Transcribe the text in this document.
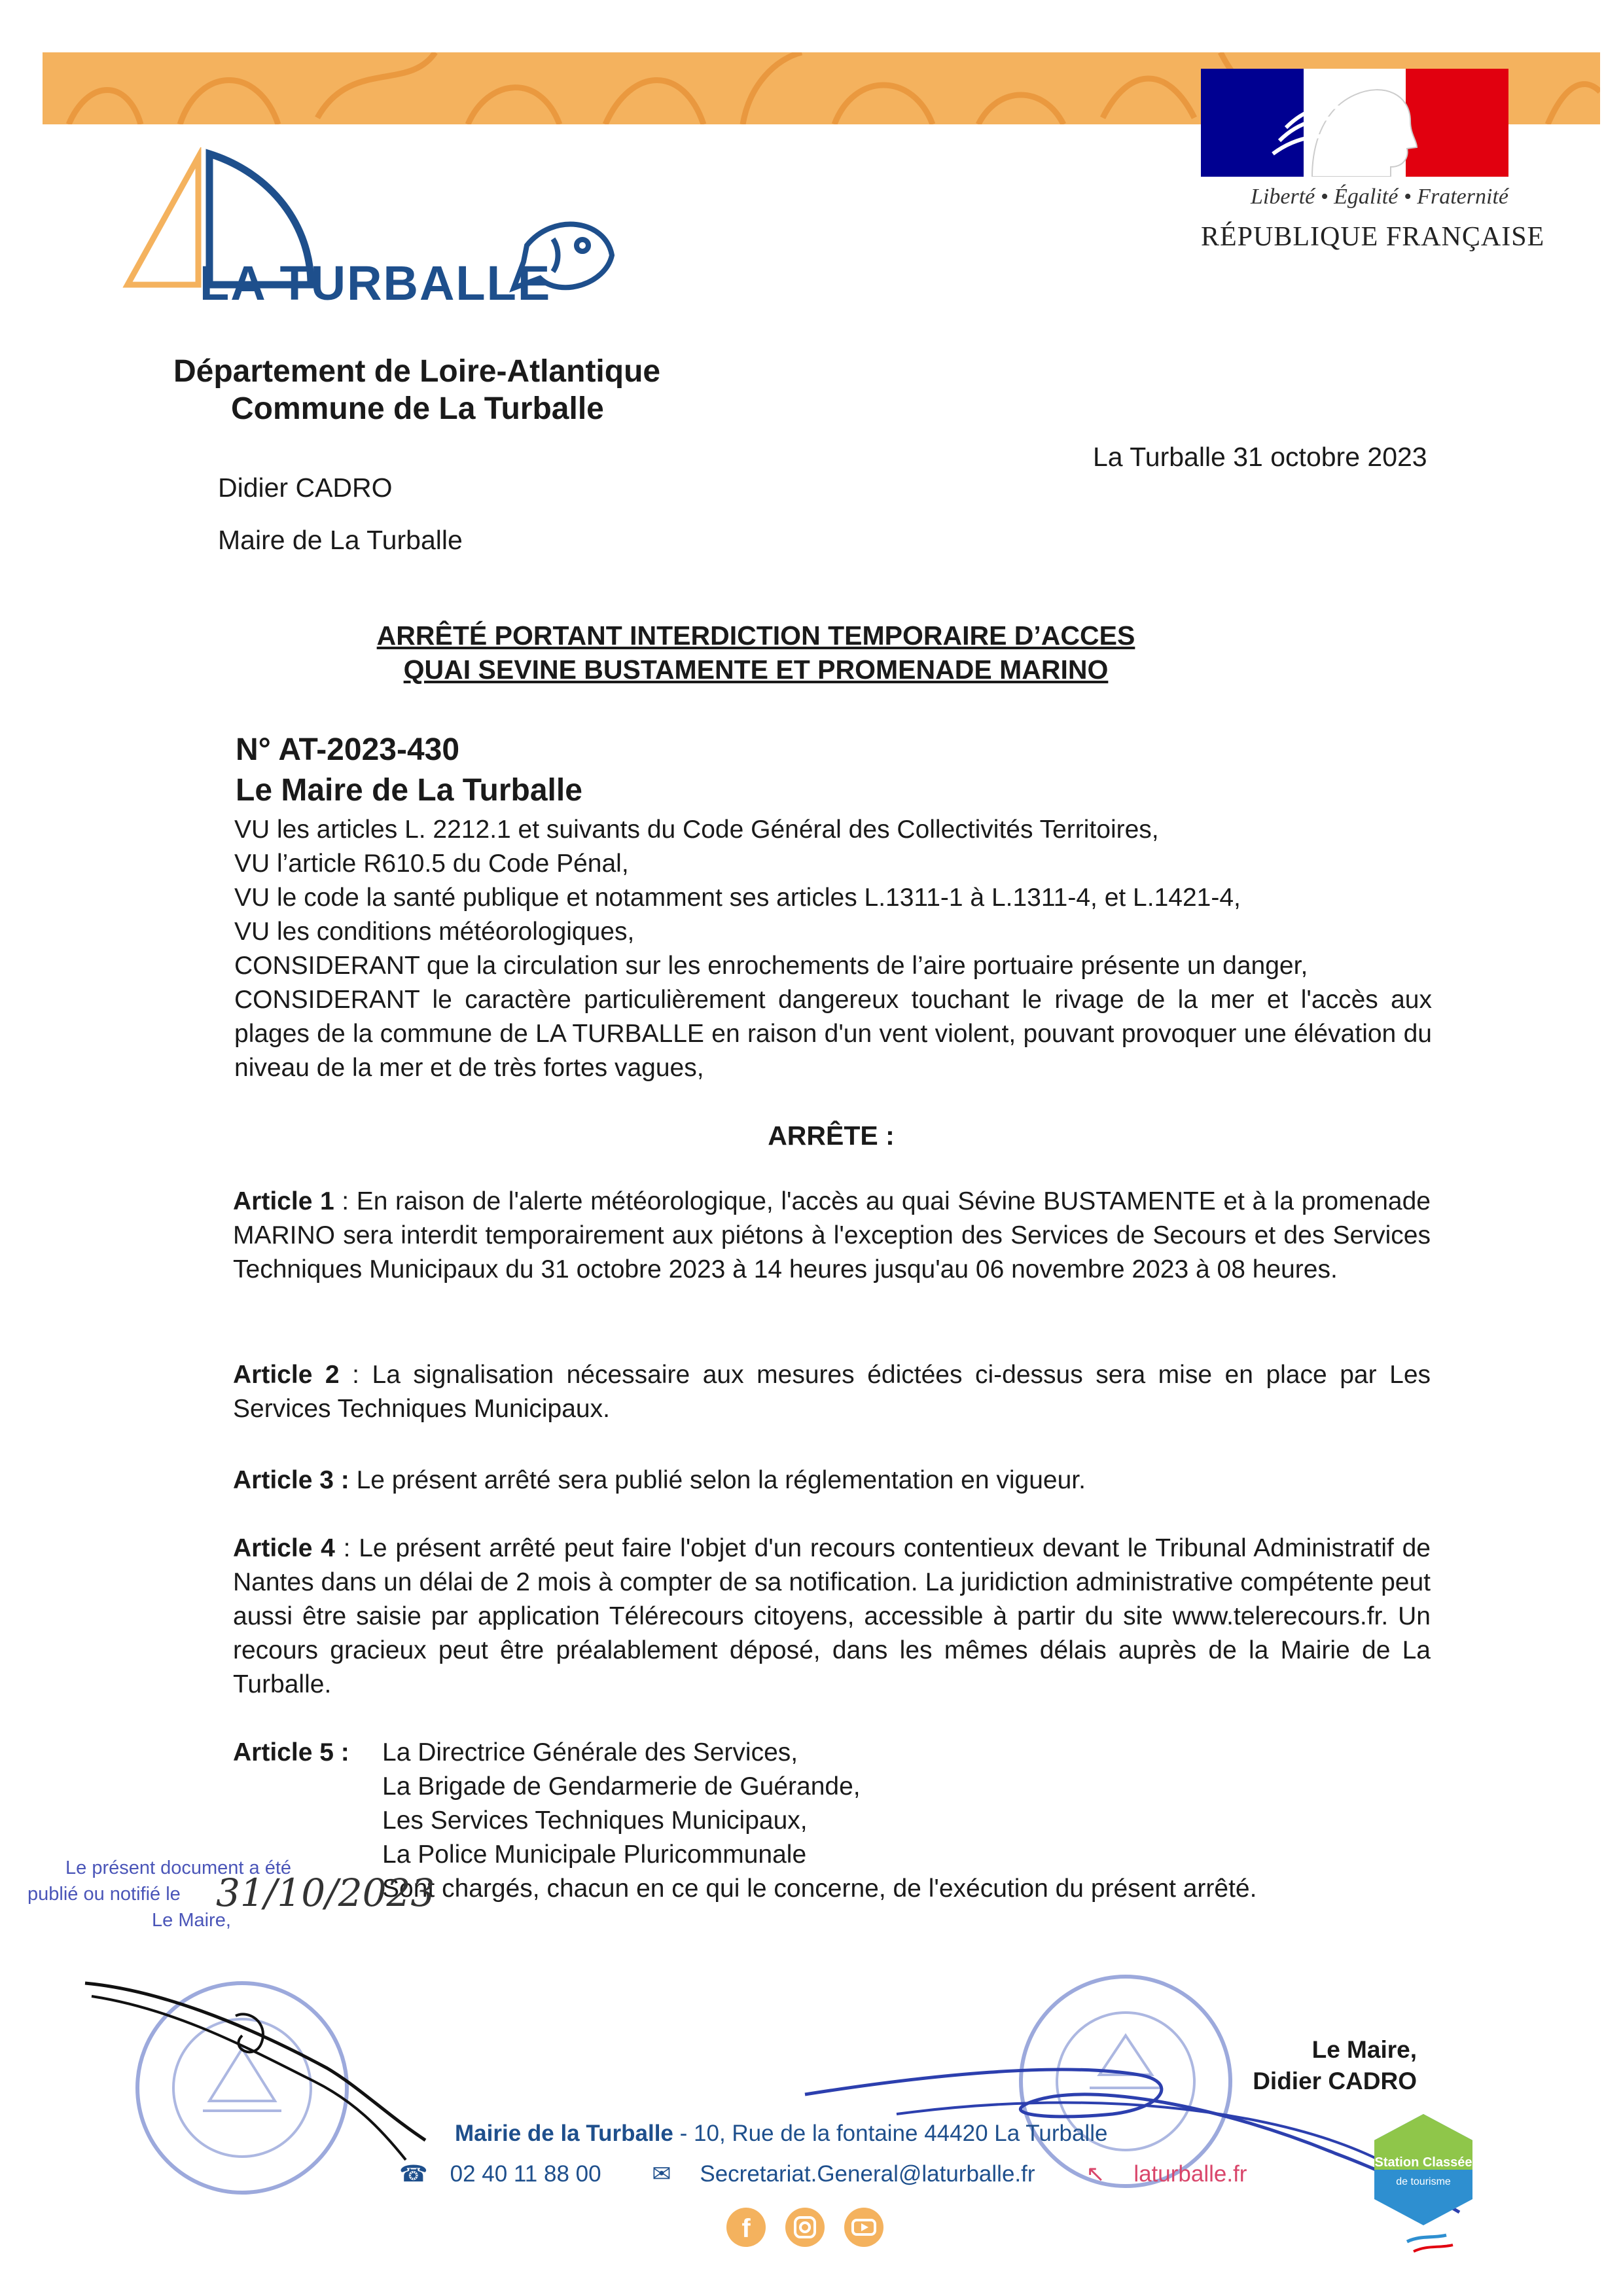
LA TURBALLE
Liberté • Égalité • Fraternité
RÉPUBLIQUE FRANÇAISE
Département de Loire-Atlantique
Commune de La Turballe
Didier CADRO
Maire de La Turballe
La Turballe 31 octobre 2023
ARRÊTÉ PORTANT INTERDICTION TEMPORAIRE D’ACCES
QUAI SEVINE BUSTAMENTE ET PROMENADE MARINO
N° AT-2023-430
Le Maire de La Turballe
VU les articles L. 2212.1 et suivants du Code Général des Collectivités Territoires,
VU l’article R610.5 du Code Pénal,
VU le code la santé publique et notamment ses articles L.1311-1 à L.1311-4, et L.1421-4,
VU les conditions météorologiques,
CONSIDERANT que la circulation sur les enrochements de l’aire portuaire présente un danger,
CONSIDERANT le caractère particulièrement dangereux touchant le rivage de la mer et l'accès aux plages de la commune de LA TURBALLE en raison d'un vent violent, pouvant provoquer une élévation du niveau de la mer et de très fortes vagues,
ARRÊTE :
Article 1 : En raison de l'alerte météorologique, l'accès au quai Sévine BUSTAMENTE et à la promenade MARINO sera interdit temporairement aux piétons à l'exception des Services de Secours et des Services Techniques Municipaux du 31 octobre 2023 à 14 heures jusqu'au 06 novembre 2023 à 08 heures.
Article 2 : La signalisation nécessaire aux mesures édictées ci-dessus sera mise en place par Les Services Techniques Municipaux.
Article 3 : Le présent arrêté sera publié selon la réglementation en vigueur.
Article 4 : Le présent arrêté peut faire l'objet d'un recours contentieux devant le Tribunal Administratif de Nantes dans un délai de 2 mois à compter de sa notification. La juridiction administrative compétente peut aussi être saisie par application Télérecours citoyens, accessible à partir du site www.telerecours.fr. Un recours gracieux peut être préalablement déposé, dans les mêmes délais auprès de la Mairie de La Turballe.
Article 5 : La Directrice Générale des Services,
La Brigade de Gendarmerie de Guérande,
Les Services Techniques Municipaux,
La Police Municipale Pluricommunale
Sont chargés, chacun en ce qui le concerne, de l'exécution du présent arrêté.
Le présent document a été
publié ou notifié le
Le Maire,
31/10/2023
Le Maire,
Didier CADRO
Mairie de la Turballe - 10, Rue de la fontaine 44420 La Turballe
☎ 02 40 11 88 00 ✉ Secretariat.General@laturballe.fr ↖ laturballe.fr
f
Station Classée
de tourisme
